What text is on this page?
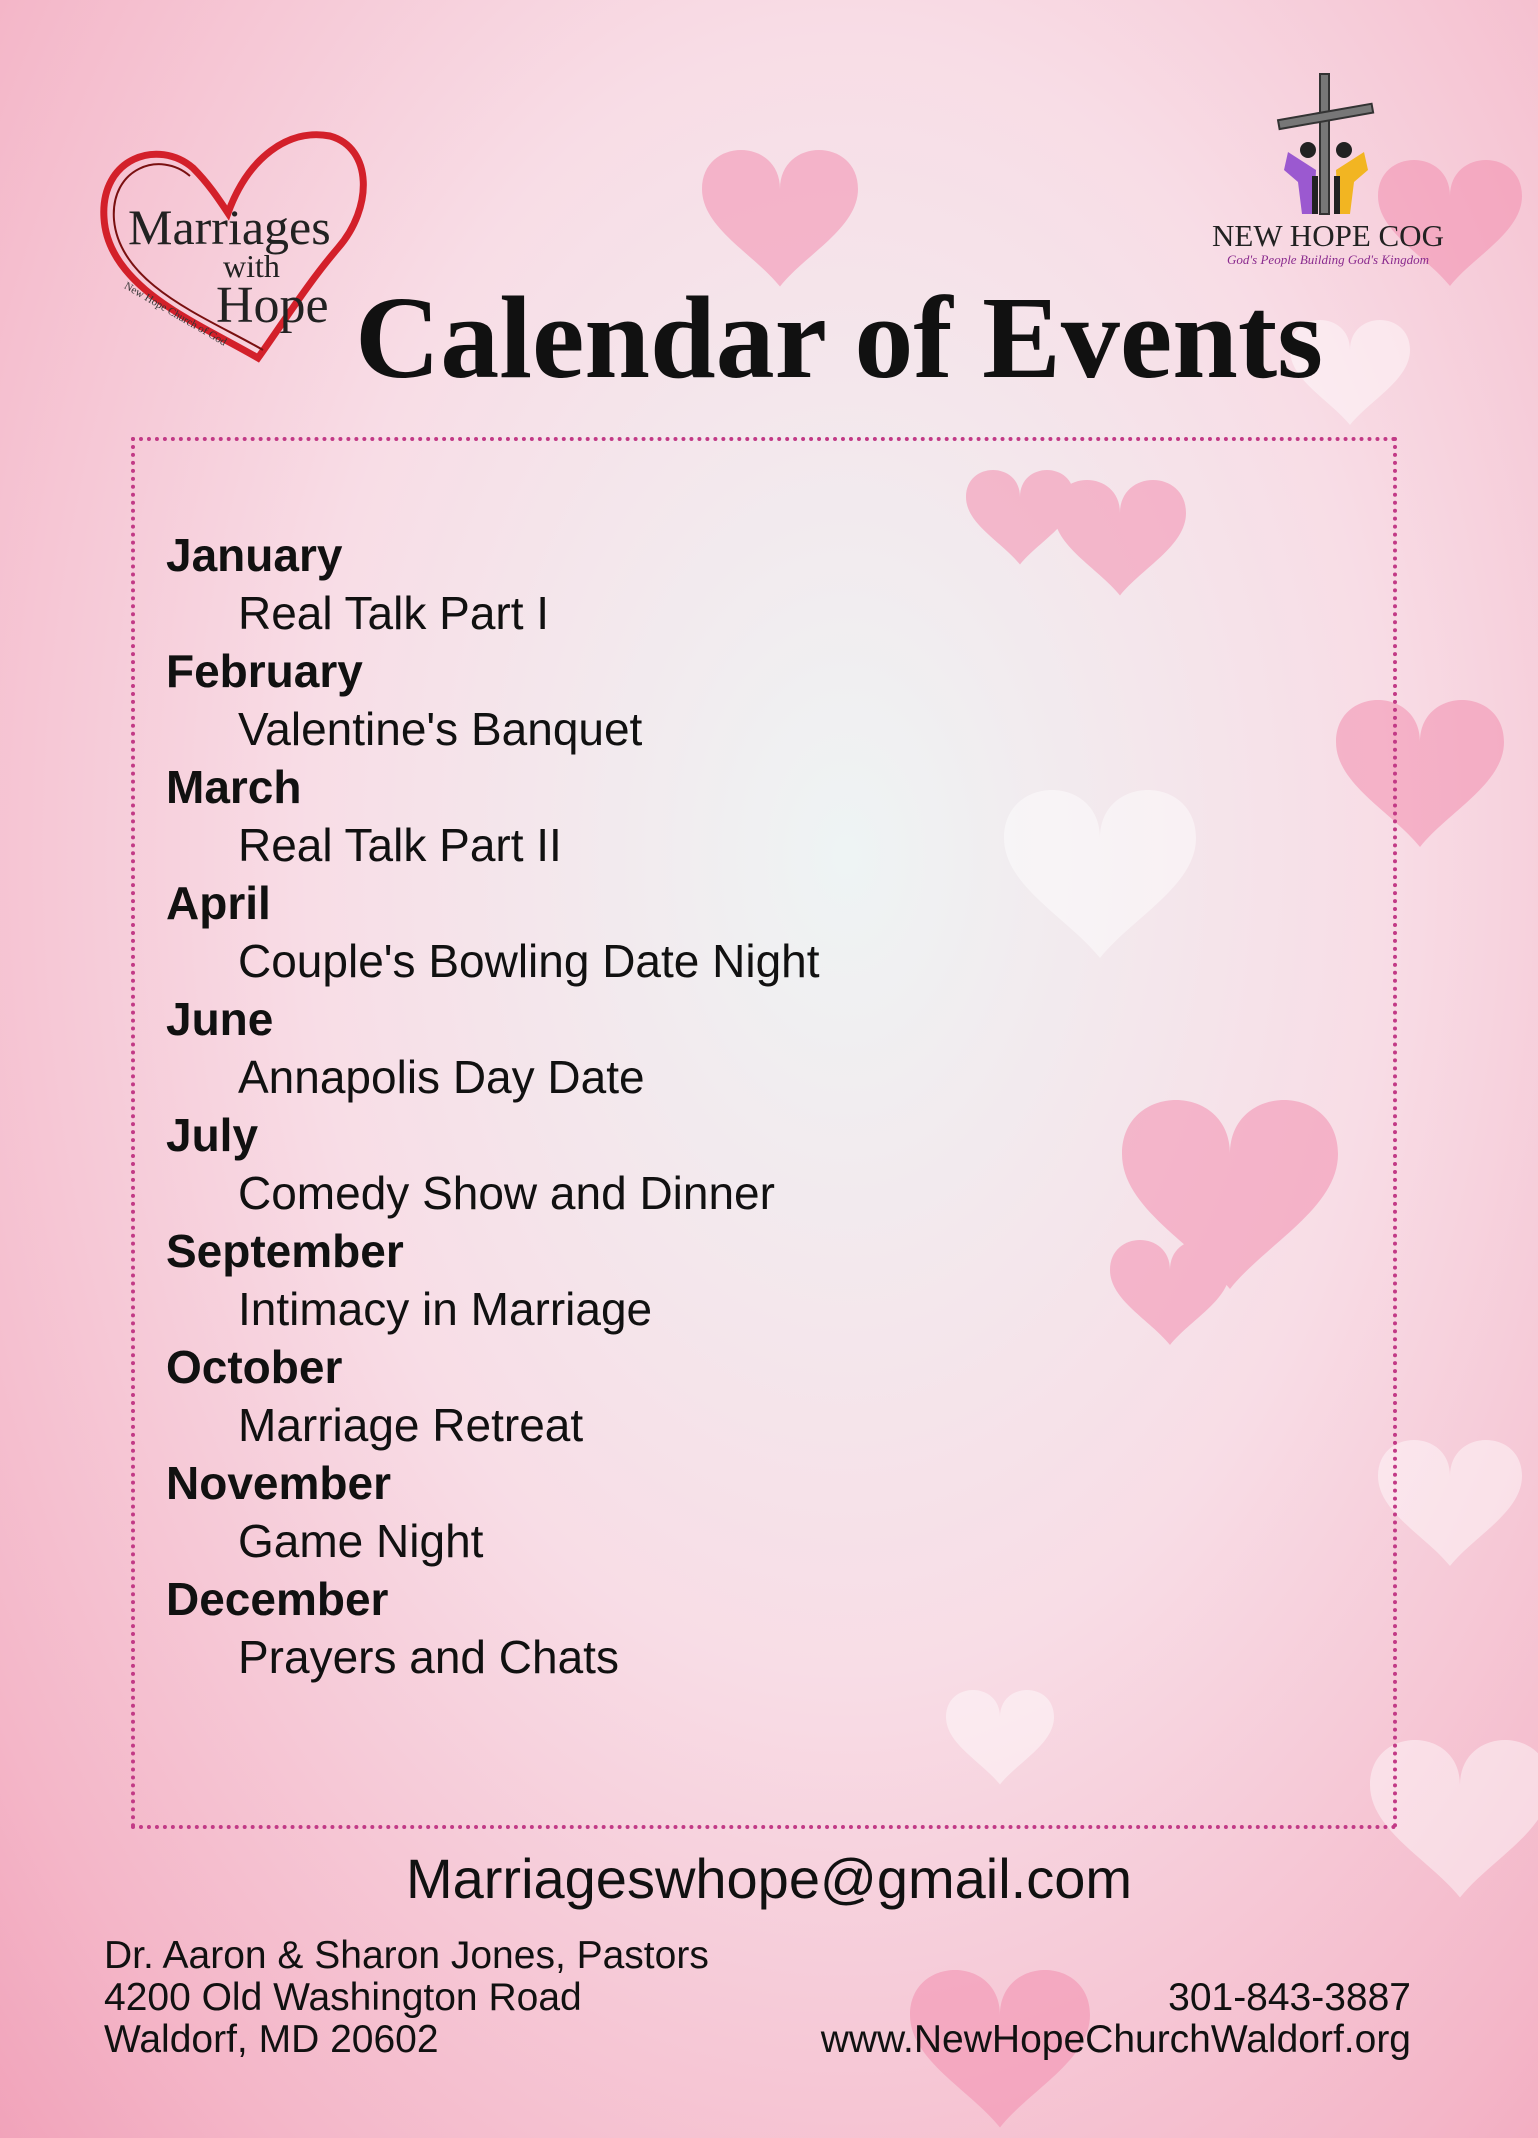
Marriages
with
Hope
New Hope Church of God
NEW HOPE COG
God's People Building God's Kingdom
Calendar of Events
January
Real Talk Part I
February
Valentine's Banquet
March
Real Talk Part II
April
Couple's Bowling Date Night
June
Annapolis Day Date
July
Comedy Show and Dinner
September
Intimacy in Marriage
October
Marriage Retreat
November
Game Night
December
Prayers and Chats
Marriageswhope@gmail.com
Dr. Aaron & Sharon Jones, Pastors
4200 Old Washington Road
Waldorf, MD 20602
301-843-3887
www.NewHopeChurchWaldorf.org
